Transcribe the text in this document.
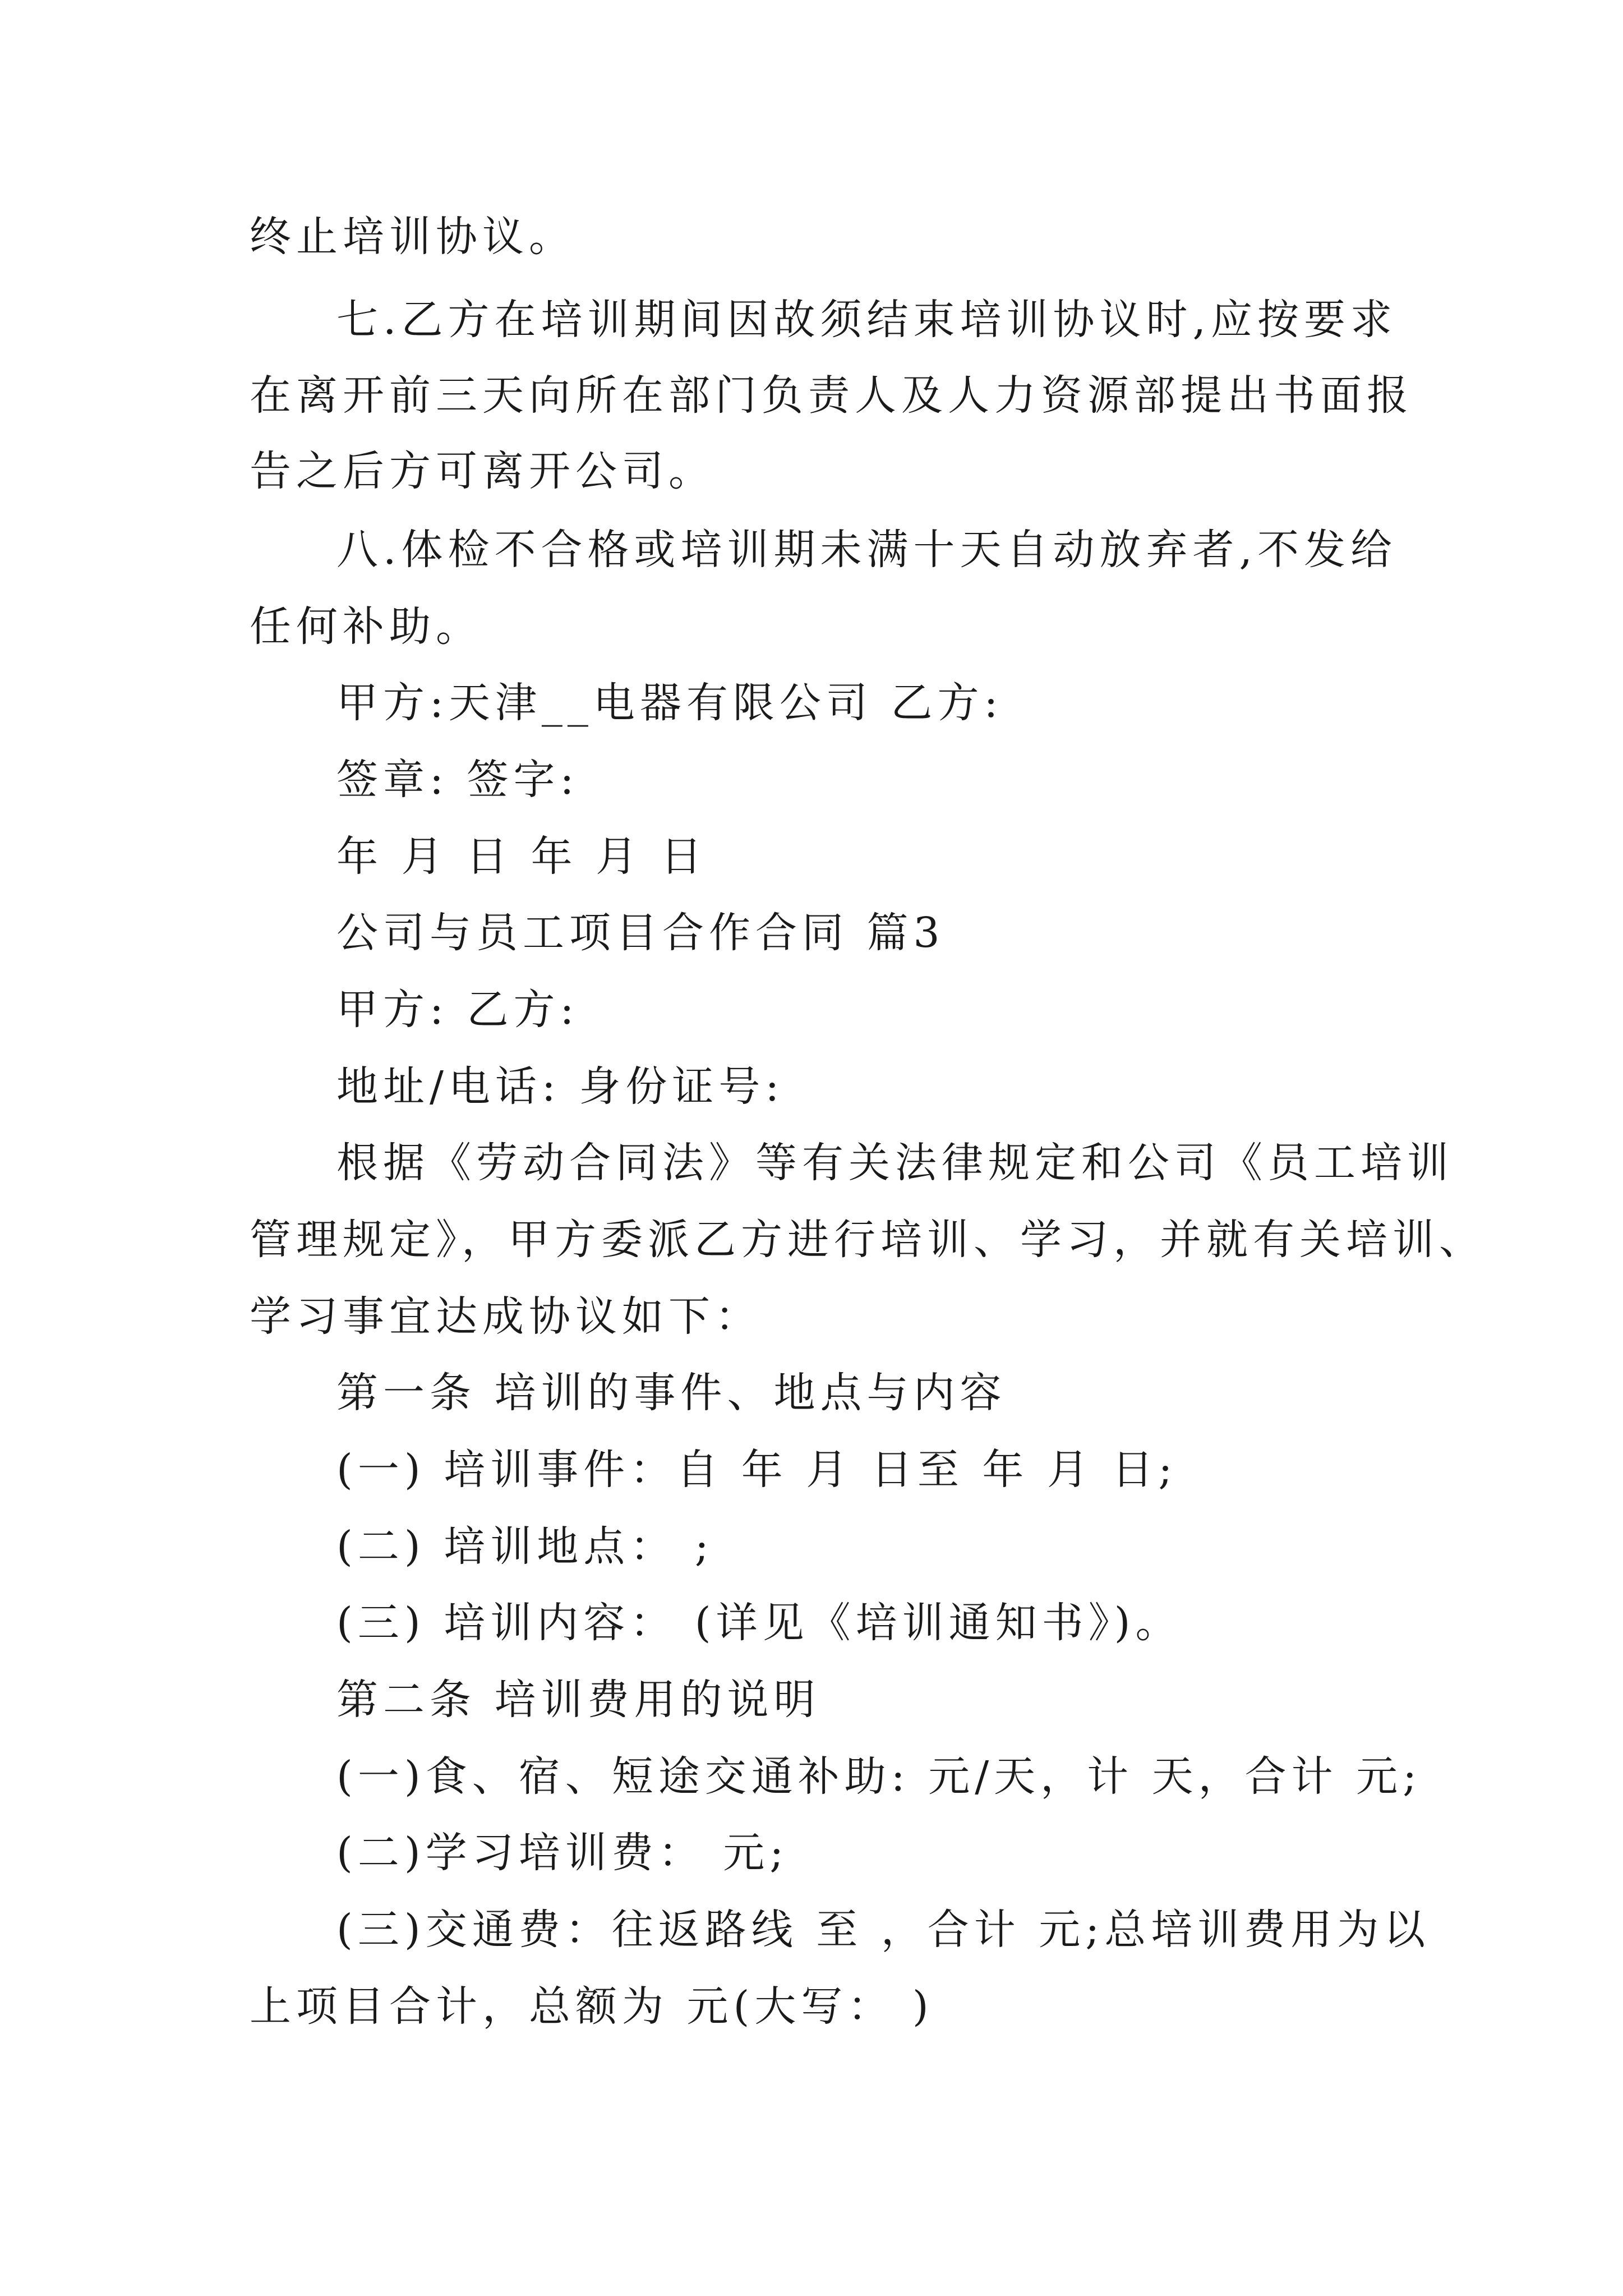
终止培训协议。
七.乙方在培训期间因故须结束培训协议时,应按要求
在离开前三天向所在部门负责人及人力资源部提出书面报
告之后方可离开公司。
八.体检不合格或培训期未满十天自动放弃者,不发给
任何补助。
甲方:天津__电器有限公司 乙方:
签章: 签字:
年 月 日 年 月 日
公司与员工项目合作合同 篇3
甲方: 乙方:
地址/电话: 身份证号:
根据《劳动合同法》等有关法律规定和公司《员工培训
管理规定》，甲方委派乙方进行培训、学习，并就有关培训、
学习事宜达成协议如下：
第一条 培训的事件、地点与内容
(一) 培训事件：自 年 月 日至 年 月 日;
(二) 培训地点： ;
(三) 培训内容： (详见《培训通知书》)。
第二条 培训费用的说明
(一)食、宿、短途交通补助: 元/天，计 天，合计 元;
(二)学习培训费： 元;
(三)交通费：往返路线 至 ，合计 元;总培训费用为以
上项目合计，总额为 元(大写： )
